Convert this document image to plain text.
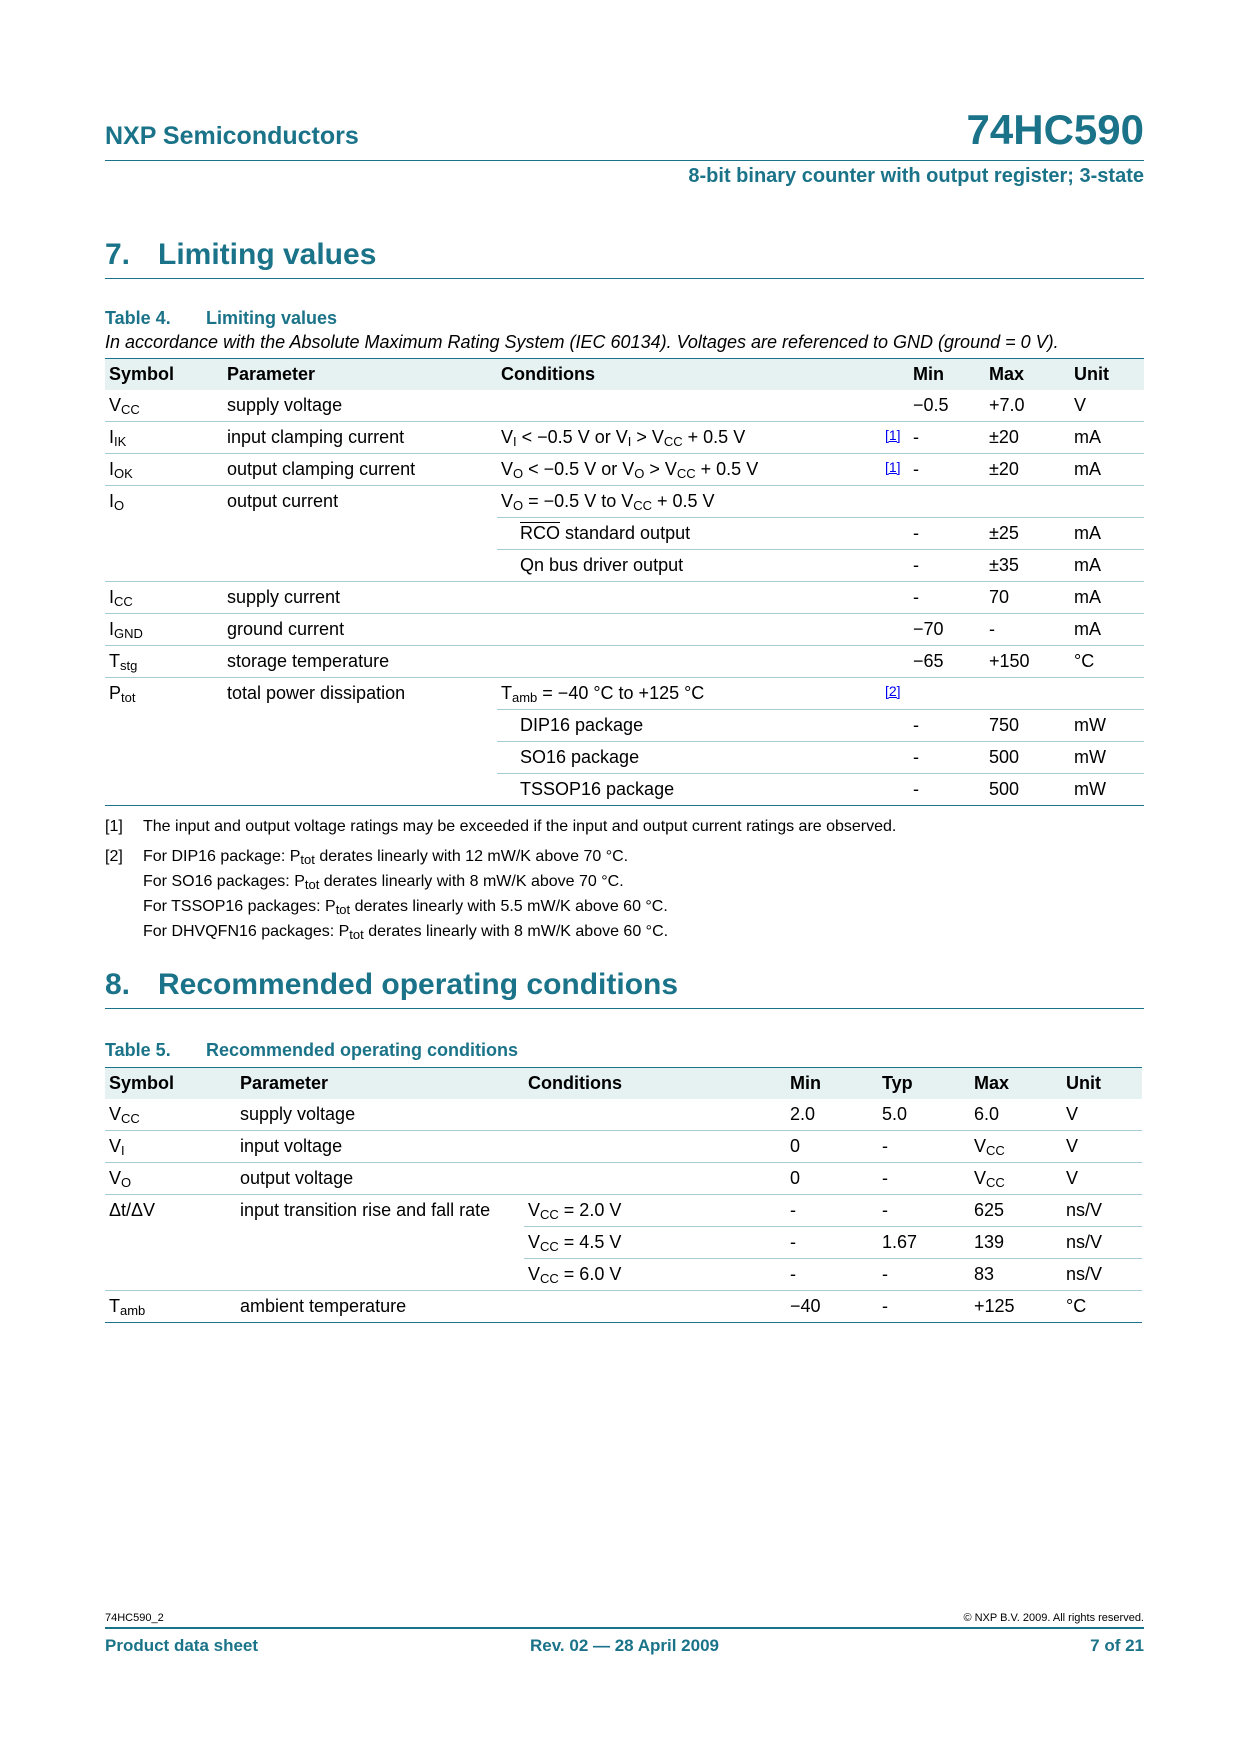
NXP Semiconductors	74HC590
8-bit binary counter with output register; 3-state
7. Limiting values
Table 4. Limiting values
In accordance with the Absolute Maximum Rating System (IEC 60134). Voltages are referenced to GND (ground = 0 V).
Symbol	Parameter	Conditions		Min	Max	Unit
$V_{CC}$	supply voltage			−0.5	+7.0	V
$I_{IK}$	input clamping current	$V_I < -0.5$ V or $V_I > V_{CC} + 0.5$ V	[1]	-	±20	mA
$I_{OK}$	output clamping current	$V_O < -0.5$ V or $V_O > V_{CC} + 0.5$ V	[1]	-	±20	mA
$I_O$	output current	$V_O = -0.5$ V to $V_{CC} + 0.5$ V				
		$\overline{RCO}$ standard output		-	±25	mA
		Qn bus driver output		-	±35	mA
$I_{CC}$	supply current			-	70	mA
$I_{GND}$	ground current			−70	-	mA
$T_{stg}$	storage temperature			−65	+150	°C
$P_{tot}$	total power dissipation	$T_{amb} = -40$ °C to +125 °C	[2]			
		DIP16 package		-	750	mW
		SO16 package		-	500	mW
		TSSOP16 package		-	500	mW
[1] The input and output voltage ratings may be exceeded if the input and output current ratings are observed.
[2] For DIP16 package: $P_{tot}$ derates linearly with 12 mW/K above 70 °C.
For SO16 packages: $P_{tot}$ derates linearly with 8 mW/K above 70 °C.
For TSSOP16 packages: $P_{tot}$ derates linearly with 5.5 mW/K above 60 °C.
For DHVQFN16 packages: $P_{tot}$ derates linearly with 8 mW/K above 60 °C.
8. Recommended operating conditions
Table 5. Recommended operating conditions
Symbol	Parameter	Conditions	Min	Typ	Max	Unit
$V_{CC}$	supply voltage		2.0	5.0	6.0	V
$V_I$	input voltage		0	-	$V_{CC}$	V
$V_O$	output voltage		0	-	$V_{CC}$	V
Δt/ΔV	input transition rise and fall rate	$V_{CC} = 2.0$ V	-	-	625	ns/V
		$V_{CC} = 4.5$ V	-	1.67	139	ns/V
		$V_{CC} = 6.0$ V	-	-	83	ns/V
$T_{amb}$	ambient temperature		−40	-	+125	°C
74HC590_2	© NXP B.V. 2009. All rights reserved.
Product data sheet	Rev. 02 — 28 April 2009	7 of 21
